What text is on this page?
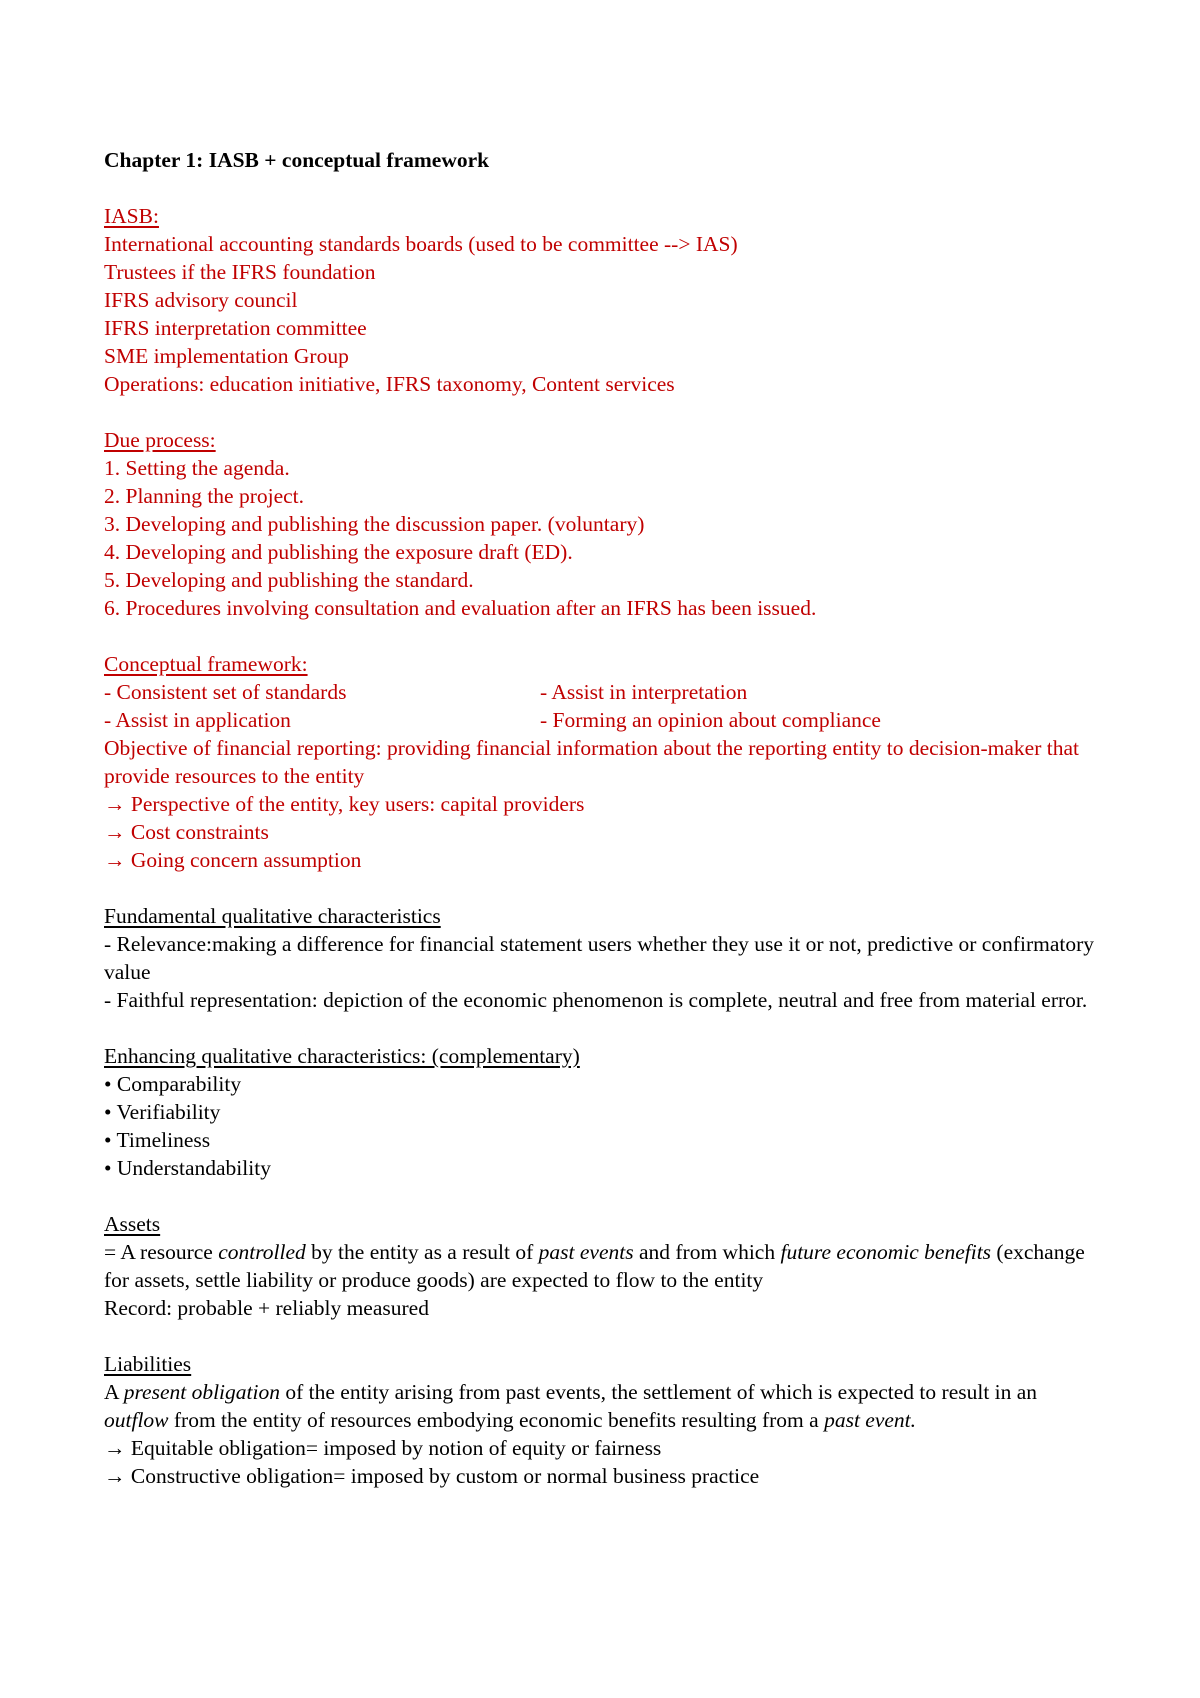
Chapter 1: IASB + conceptual framework

IASB:

International accounting standards boards (used to be committee --> IAS)

Trustees if the IFRS foundation

IFRS advisory council

IFRS interpretation committee

SME implementation Group

Operations: education initiative, IFRS taxonomy, Content services

Due process:

1. Setting the agenda.

2. Planning the project.

3. Developing and publishing the discussion paper. (voluntary)

4. Developing and publishing the exposure draft (ED).

5. Developing and publishing the standard.

6. Procedures involving consultation and evaluation after an IFRS has been issued.

Conceptual framework:

- Consistent set of standards

- Assist in application

- Assist in interpretation

- Forming an opinion about compliance

Objective of financial reporting: providing financial information about the reporting entity to decision-maker that provide resources to the entity

→ Perspective of the entity, key users: capital providers

→ Cost constraints

→ Going concern assumption

Fundamental qualitative characteristics

- Relevance:making a difference for financial statement users whether they use it or not, predictive or confirmatory value

- Faithful representation: depiction of the economic phenomenon is complete, neutral and free from material error.

Enhancing qualitative characteristics: (complementary)

• Comparability

• Verifiability

• Timeliness

• Understandability

Assets

= A resource controlled by the entity as a result of past events and from which future economic benefits (exchange for assets, settle liability or produce goods) are expected to flow to the entity

Record: probable + reliably measured

Liabilities

A present obligation of the entity arising from past events, the settlement of which is expected to result in an outflow from the entity of resources embodying economic benefits resulting from a past event.

→ Equitable obligation= imposed by notion of equity or fairness

→ Constructive obligation= imposed by custom or normal business practice
